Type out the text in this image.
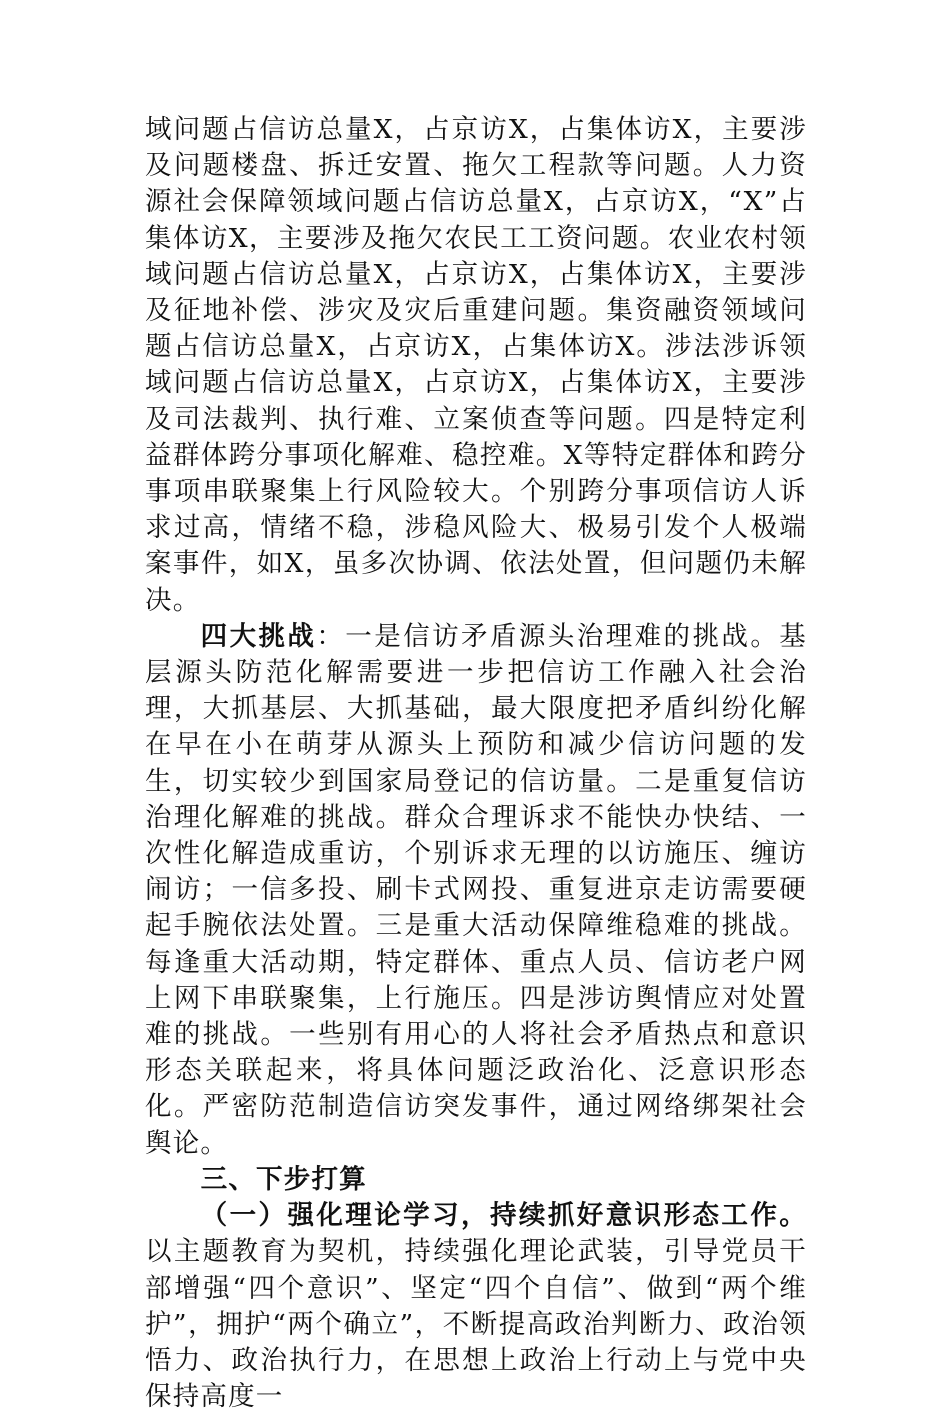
域问题占信访总量X，占京访X，占集体访X，主要涉及问题楼盘、拆迁安置、拖欠工程款等问题。人力资源社会保障领域问题占信访总量X，占京访X，“X”占集体访X，主要涉及拖欠农民工工资问题。农业农村领域问题占信访总量X，占京访X，占集体访X，主要涉及征地补偿、涉灾及灾后重建问题。集资融资领域问题占信访总量X，占京访X，占集体访X。涉法涉诉领域问题占信访总量X，占京访X，占集体访X，主要涉及司法裁判、执行难、立案侦查等问题。四是特定利益群体跨分事项化解难、稳控难。X等特定群体和跨分事项串联聚集上行风险较大。个别跨分事项信访人诉求过高，情绪不稳，涉稳风险大、极易引发个人极端案事件，如X，虽多次协调、依法处置，但问题仍未解决。

四大挑战：一是信访矛盾源头治理难的挑战。基层源头防范化解需要进一步把信访工作融入社会治理，大抓基层、大抓基础，最大限度把矛盾纠纷化解在早在小在萌芽从源头上预防和减少信访问题的发生，切实较少到国家局登记的信访量。二是重复信访治理化解难的挑战。群众合理诉求不能快办快结、一次性化解造成重访，个别诉求无理的以访施压、缠访闹访；一信多投、刷卡式网投、重复进京走访需要硬起手腕依法处置。三是重大活动保障维稳难的挑战。每逢重大活动期，特定群体、重点人员、信访老户网上网下串联聚集，上行施压。四是涉访舆情应对处置难的挑战。一些别有用心的人将社会矛盾热点和意识形态关联起来，将具体问题泛政治化、泛意识形态化。严密防范制造信访突发事件，通过网络绑架社会舆论。

三、下步打算

（一）强化理论学习，持续抓好意识形态工作。以主题教育为契机，持续强化理论武装，引导党员干部增强“四个意识”、坚定“四个自信”、做到“两个维护”，拥护“两个确立”，不断提高政治判断力、政治领悟力、政治执行力，在思想上政治上行动上与党中央保持高度一
